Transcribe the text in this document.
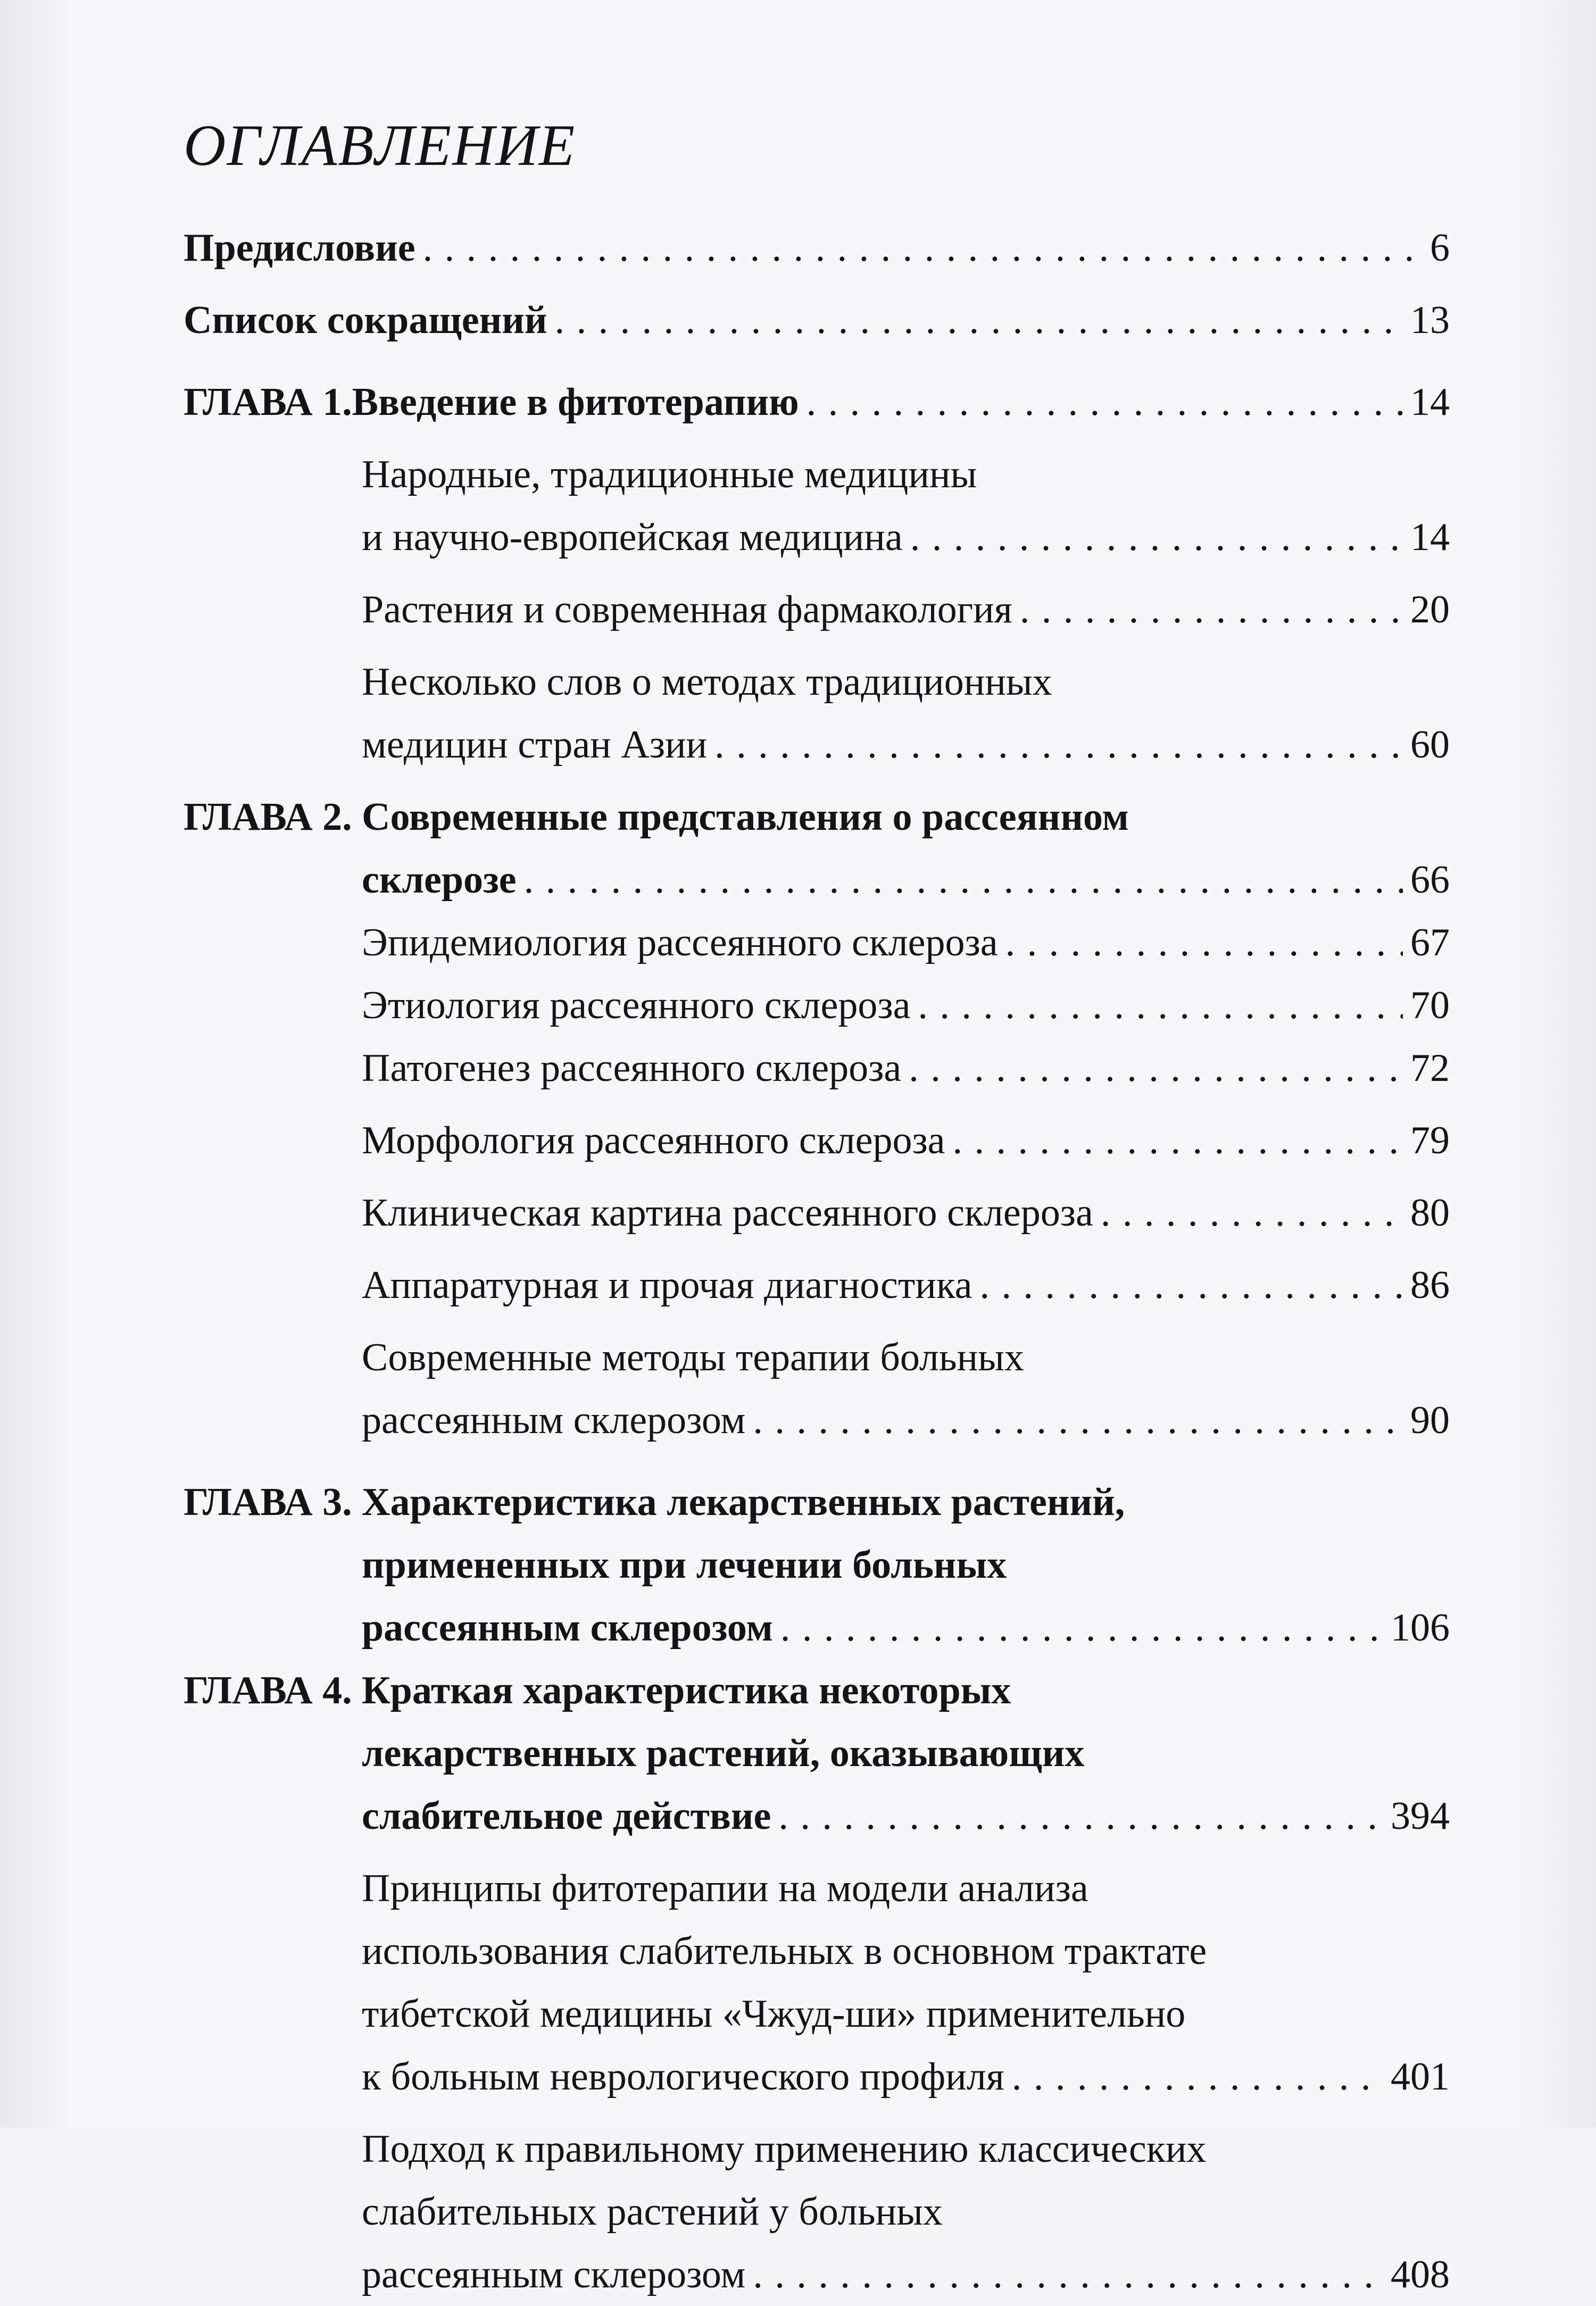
ОГЛАВЛЕНИЕ
Предисловие . . .	6
Список сокращений . . .	13
ГЛАВА 1. Введение в фитотерапию . . .	14
Народные, традиционные медицины
и научно-европейская медицина . . .	14
Растения и современная фармакология . . .	20
Несколько слов о методах традиционных
медицин стран Азии . . .	60
ГЛАВА 2. Современные представления о рассеянном
склерозе . . .	66
Эпидемиология рассеянного склероза . . .	67
Этиология рассеянного склероза . . .	70
Патогенез рассеянного склероза . . .	72
Морфология рассеянного склероза . . .	79
Клиническая картина рассеянного склероза . . .	80
Аппаратурная и прочая диагностика . . .	86
Современные методы терапии больных
рассеянным склерозом . . .	90
ГЛАВА 3. Характеристика лекарственных растений,
примененных при лечении больных
рассеянным склерозом . . .	106
ГЛАВА 4. Краткая характеристика некоторых
лекарственных растений, оказывающих
слабительное действие . . .	394
Принципы фитотерапии на модели анализа
использования слабительных в основном трактате
тибетской медицины «Чжуд-ши» применительно
к больным неврологического профиля . . .	401
Подход к правильному применению классических
слабительных растений у больных
рассеянным склерозом . . .	408
